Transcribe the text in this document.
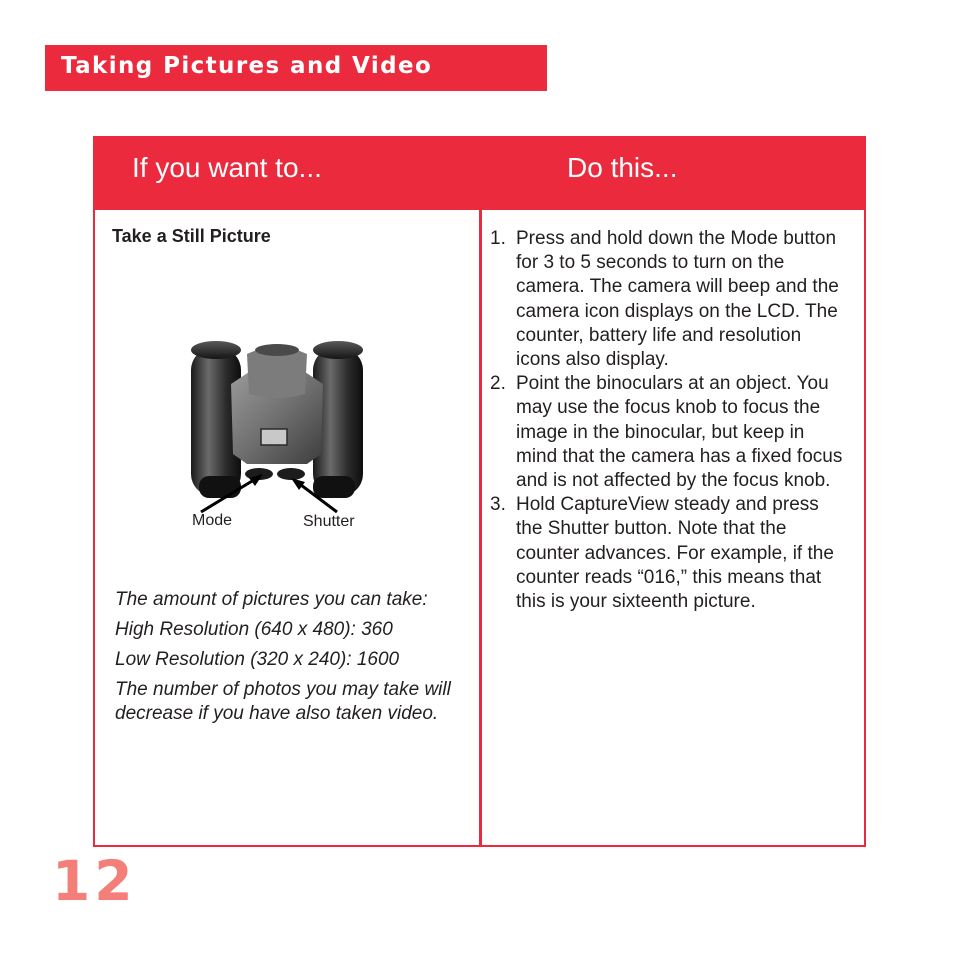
Taking Pictures and Video
If you want to...	Do this...
Take a Still Picture
Mode	Shutter

The amount of pictures you can take:

High Resolution (640 x 480): 360

Low Resolution (320 x 240): 1600

The number of photos you may take will decrease if you have also taken video.

1. Press and hold down the Mode button for 3 to 5 seconds to turn on the camera. The camera will beep and the camera icon displays on the LCD. The counter, battery life and resolution icons also display.
2. Point the binoculars at an object. You may use the focus knob to focus the image in the binocular, but keep in mind that the camera has a fixed focus and is not affected by the focus knob.
3. Hold CaptureView steady and press the Shutter button. Note that the counter advances. For example, if the counter reads “016,” this means that this is your sixteenth picture.
12
